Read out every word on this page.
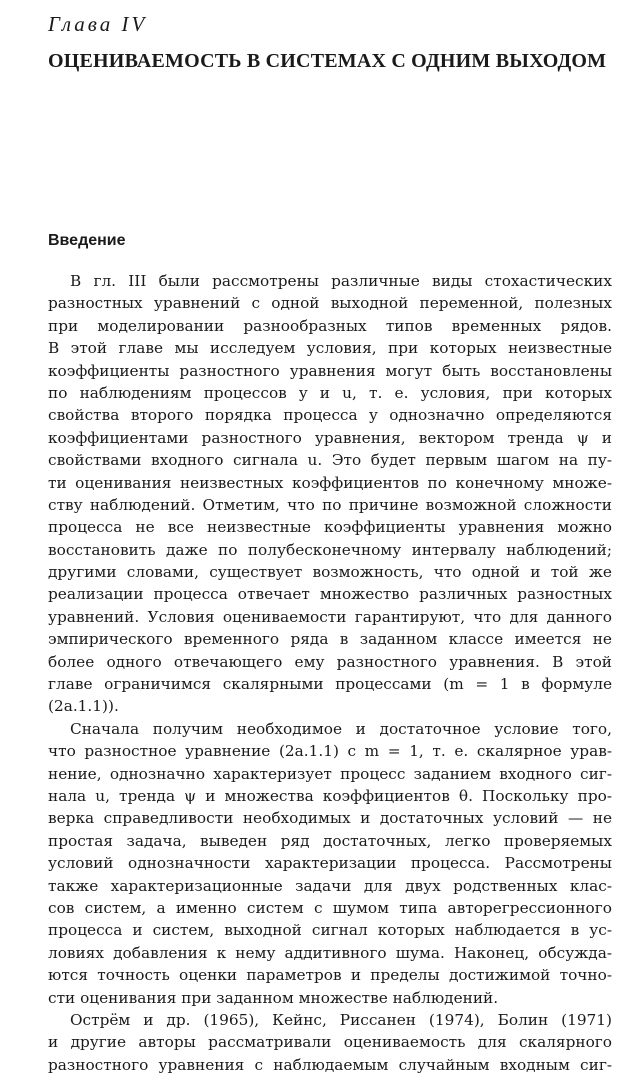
Глава IV
ОЦЕНИВАЕМОСТЬ В СИСТЕМАХ С ОДНИМ ВЫХОДОМ
Введение
В гл. III были рассмотрены различные виды стохастических
разностных уравнений с одной выходной переменной, полезных
при моделировании разнообразных типов временных рядов.
В этой главе мы исследуем условия, при которых неизвестные
коэффициенты разностного уравнения могут быть восстановлены
по наблюдениям процессов y и u, т. е. условия, при которых
свойства второго порядка процесса y однозначно определяются
коэффициентами разностного уравнения, вектором тренда ψ и
свойствами входного сигнала u. Это будет первым шагом на пу-
ти оценивания неизвестных коэффициентов по конечному множе-
ству наблюдений. Отметим, что по причине возможной сложности
процесса не все неизвестные коэффициенты уравнения можно
восстановить даже по полубесконечному интервалу наблюдений;
другими словами, существует возможность, что одной и той же
реализации процесса отвечает множество различных разностных
уравнений. Условия оцениваемости гарантируют, что для данного
эмпирического временного ряда в заданном классе имеется не
более одного отвечающего ему разностного уравнения. В этой
главе ограничимся скалярными процессами (m = 1 в формуле
(2a.1.1)).
Сначала получим необходимое и достаточное условие того,
что разностное уравнение (2a.1.1) с m = 1, т. е. скалярное урав-
нение, однозначно характеризует процесс заданием входного сиг-
нала u, тренда ψ и множества коэффициентов θ. Поскольку про-
верка справедливости необходимых и достаточных условий — не
простая задача, выведен ряд достаточных, легко проверяемых
условий однозначности характеризации процесса. Рассмотрены
также характеризационные задачи для двух родственных клас-
сов систем, а именно систем с шумом типа авторегрессионного
процесса и систем, выходной сигнал которых наблюдается в ус-
ловиях добавления к нему аддитивного шума. Наконец, обсужда-
ются точность оценки параметров и пределы достижимой точно-
сти оценивания при заданном множестве наблюдений.
Острём и др. (1965), Кейнс, Риссанен (1974), Болин (1971)
и другие авторы рассматривали оцениваемость для скалярного
разностного уравнения с наблюдаемым случайным входным сиг-
